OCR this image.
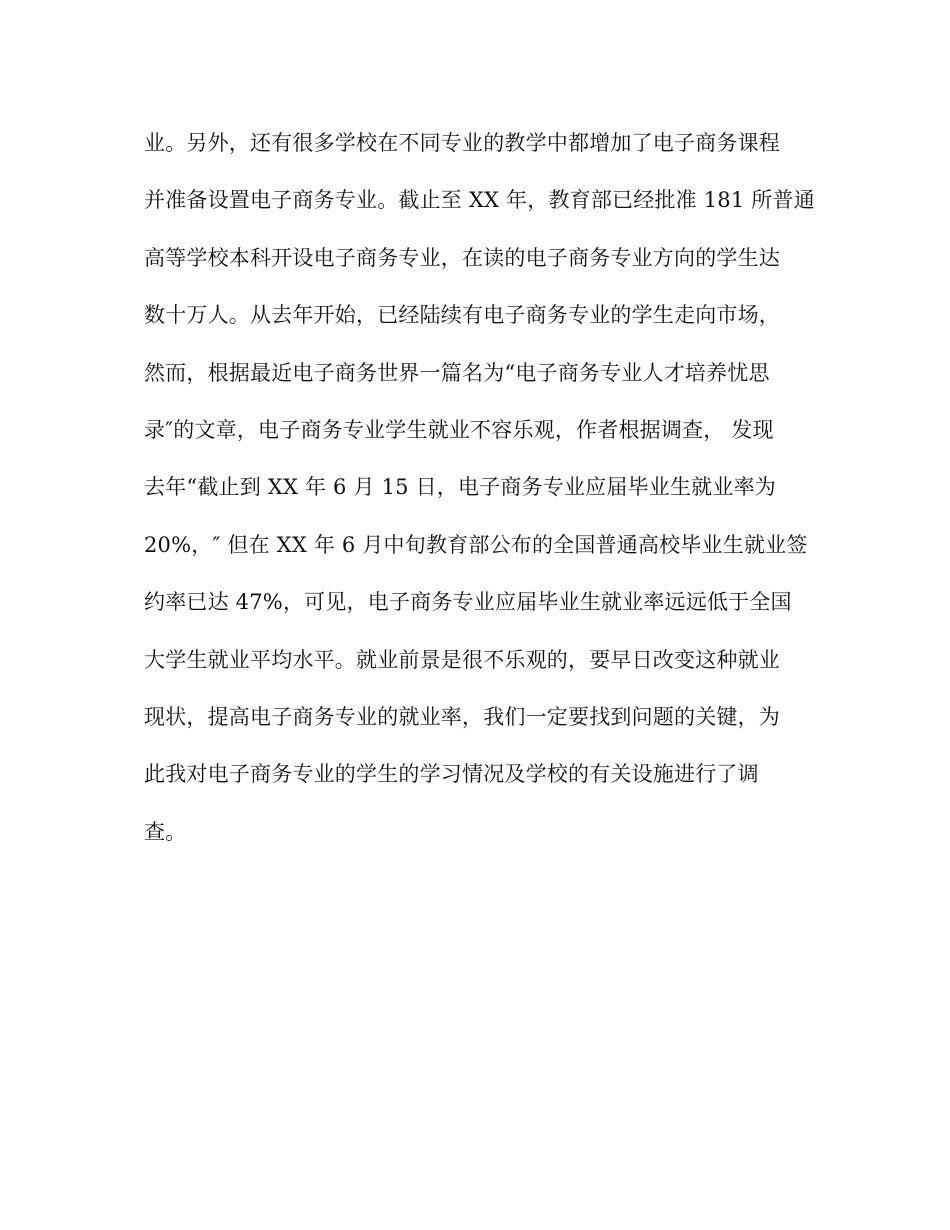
业。另外，还有很多学校在不同专业的教学中都增加了电子商务课程
并准备设置电子商务专业。截止至 XX 年，教育部已经批准 181 所普通
高等学校本科开设电子商务专业，在读的电子商务专业方向的学生达
数十万人。从去年开始，已经陆续有电子商务专业的学生走向市场，
然而，根据最近电子商务世界一篇名为“电子商务专业人才培养忧思
录″的文章，电子商务专业学生就业不容乐观，作者根据调查， 发现
去年“截止到 XX 年 6 月 15 日，电子商务专业应届毕业生就业率为
20%，″ 但在 XX 年 6 月中旬教育部公布的全国普通高校毕业生就业签
约率已达 47%，可见，电子商务专业应届毕业生就业率远远低于全国
大学生就业平均水平。就业前景是很不乐观的，要早日改变这种就业
现状，提高电子商务专业的就业率，我们一定要找到问题的关键，为
此我对电子商务专业的学生的学习情况及学校的有关设施进行了调
查。
